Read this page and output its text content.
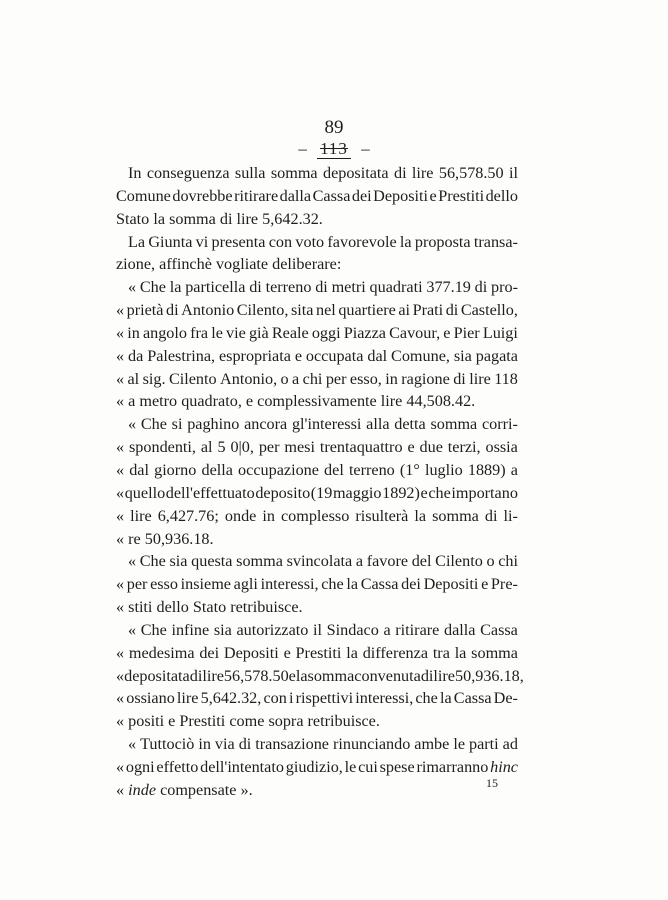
89
– 113 –
In conseguenza sulla somma depositata di lire 56,578.50 il
Comune dovrebbe ritirare dalla Cassa dei Depositi e Prestiti dello
Stato la somma di lire 5,642.32.
La Giunta vi presenta con voto favorevole la proposta transa-
zione, affinchè vogliate deliberare:
« Che la particella di terreno di metri quadrati 377.19 di pro-
« prietà di Antonio Cilento, sita nel quartiere ai Prati di Castello,
« in angolo fra le vie già Reale oggi Piazza Cavour, e Pier Luigi
« da Palestrina, espropriata e occupata dal Comune, sia pagata
« al sig. Cilento Antonio, o a chi per esso, in ragione di lire 118
« a metro quadrato, e complessivamente lire 44,508.42.
« Che si paghino ancora gl'interessi alla detta somma corri-
« spondenti, al 5 0|0, per mesi trentaquattro e due terzi, ossia
« dal giorno della occupazione del terreno (1° luglio 1889) a
« quello dell'effettuato deposito (19 maggio 1892) e che importano
« lire 6,427.76; onde in complesso risulterà la somma di li-
« re 50,936.18.
« Che sia questa somma svincolata a favore del Cilento o chi
« per esso insieme agli interessi, che la Cassa dei Depositi e Pre-
« stiti dello Stato retribuisce.
« Che infine sia autorizzato il Sindaco a ritirare dalla Cassa
« medesima dei Depositi e Prestiti la differenza tra la somma
« depositata di lire 56,578.50 e la somma convenuta di lire 50,936.18,
« ossiano lire 5,642.32, con i rispettivi interessi, che la Cassa De-
« positi e Prestiti come sopra retribuisce.
« Tuttociò in via di transazione rinunciando ambe le parti ad
« ogni effetto dell'intentato giudizio, le cui spese rimarranno hinc
« inde compensate ».	15
